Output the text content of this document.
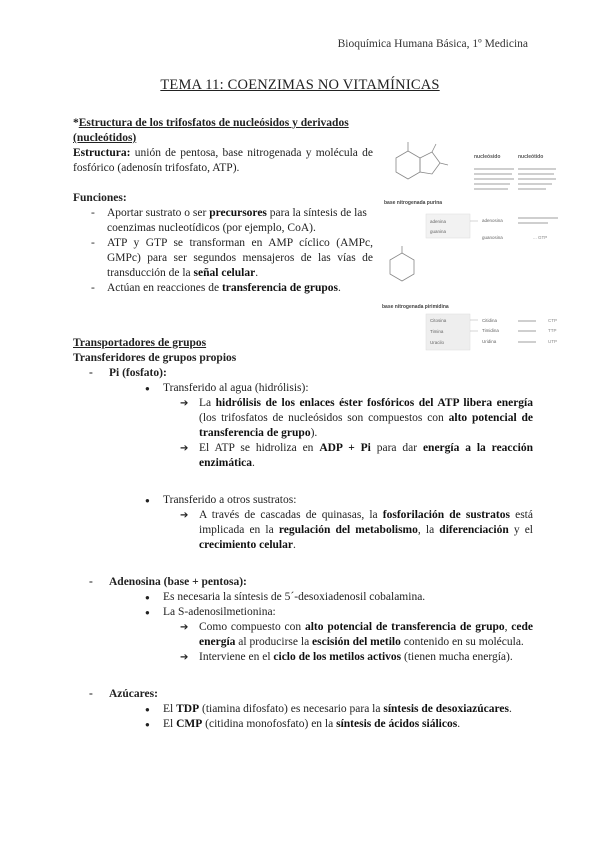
Bioquímica Humana Básica, 1º Medicina
TEMA 11: COENZIMAS NO VITAMÍNICAS
*Estructura de los trifosfatos de nucleósidos y derivados (nucleótidos)
Estructura: unión de pentosa, base nitrogenada y molécula de fosfórico (adenosín trifosfato, ATP).
Funciones:
- Aportar sustrato o ser precursores para la síntesis de las coenzimas nucleotídicos (por ejemplo, CoA).
- ATP y GTP se transforman en AMP cíclico (AMPc, GMPc) para ser segundos mensajeros de las vías de transducción de la señal celular.
- Actúan en reacciones de transferencia de grupos.
base nitrogenada purina
nucleósido	nucleótido
adenina
guanina
adenosina
guanosina	... GTP
base nitrogenada pirimidina
Citosina
Timina
Uracilo
Citidina
Timidina
Uridina
CTP
TTP
UTP
Transportadores de grupos
Transferidores de grupos propios
- Pi (fosfato):
● Transferido al agua (hidrólisis):
➔ La hidrólisis de los enlaces éster fosfóricos del ATP libera energía (los trifosfatos de nucleósidos son compuestos con alto potencial de transferencia de grupo).
➔ El ATP se hidroliza en ADP + Pi para dar energía a la reacción enzimática.
● Transferido a otros sustratos:
➔ A través de cascadas de quinasas, la fosforilación de sustratos está implicada en la regulación del metabolismo, la diferenciación y el crecimiento celular.
- Adenosina (base + pentosa):
● Es necesaria la síntesis de 5´-desoxiadenosil cobalamina.
● La S-adenosilmetionina:
➔ Como compuesto con alto potencial de transferencia de grupo, cede energía al producirse la escisión del metilo contenido en su molécula.
➔ Interviene en el ciclo de los metilos activos (tienen mucha energía).
- Azúcares:
● El TDP (tiamina difosfato) es necesario para la síntesis de desoxiazúcares.
● El CMP (citidina monofosfato) en la síntesis de ácidos siálicos.
